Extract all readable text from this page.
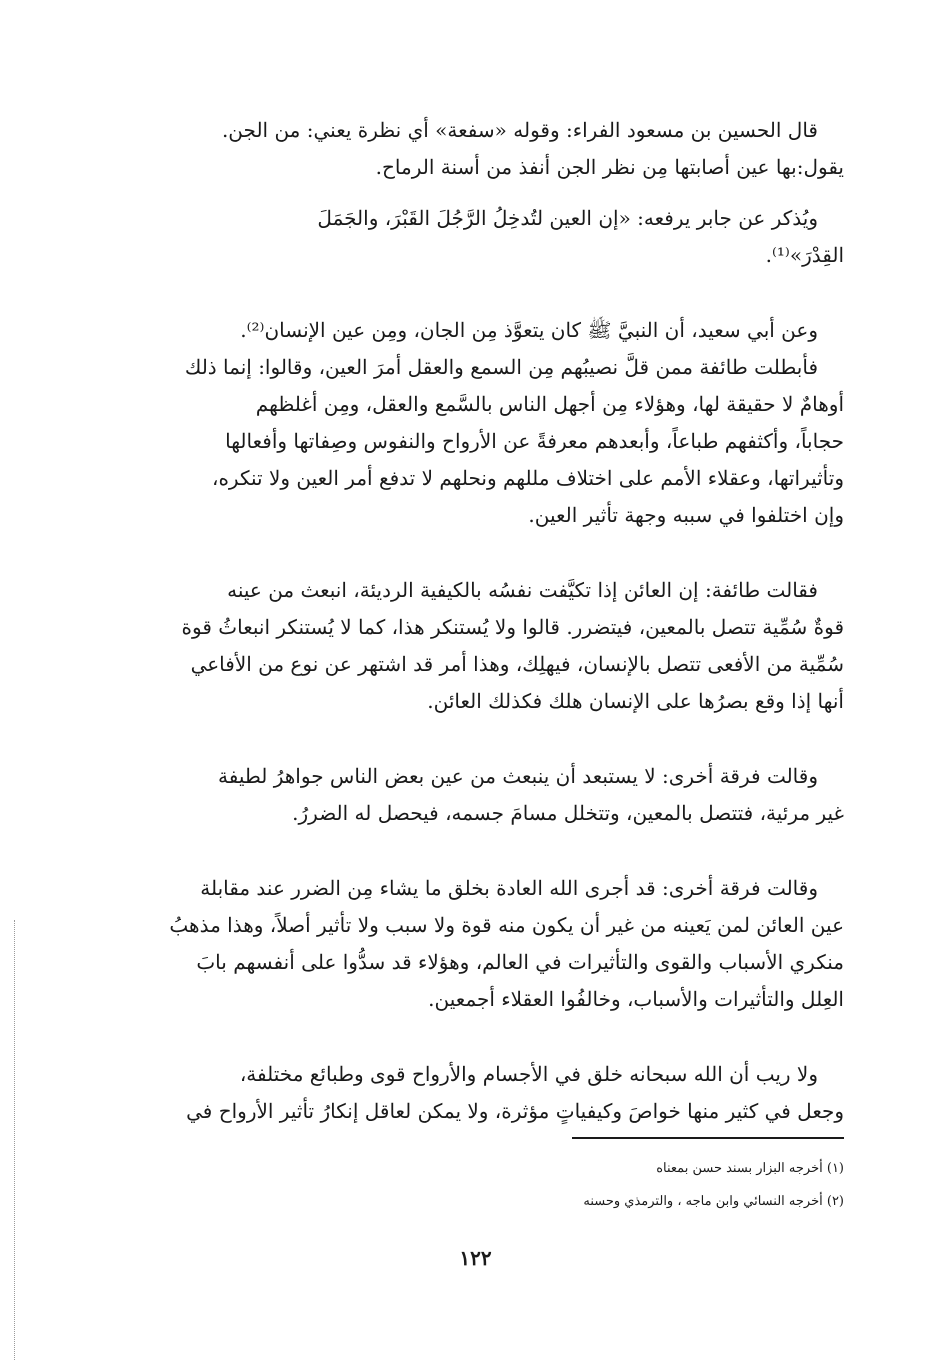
قال الحسين بن مسعود الفراء: وقوله «سفعة» أي نظرة يعني: من الجن.
يقول:بها عين أصابتها مِن نظر الجن أنفذ من أسنة الرماح.

ويُذكر عن جابر يرفعه: «إن العين لتُدخِلُ الرَّجُلَ القَبْرَ، والجَمَلَ
القِدْرَ»⁽¹⁾.

وعن أبي سعيد، أن النبيَّ ﷺ كان يتعوَّذ مِن الجان، ومِن عين الإنسان⁽²⁾.
فأبطلت طائفة ممن قلَّ نصيبُهم مِن السمع والعقل أمرَ العين، وقالوا: إنما ذلك
أوهامٌ لا حقيقة لها، وهؤلاء مِن أجهل الناس بالسَّمع والعقل، ومِن أغلظهم
حجاباً، وأكثفهم طباعاً، وأبعدهم معرفةً عن الأرواح والنفوس وصِفاتها وأفعالها
وتأثيراتها، وعقلاء الأمم على اختلاف مللهم ونحلهم لا تدفع أمر العين ولا تنكره،
وإن اختلفوا في سببه وجهة تأثير العين.

فقالت طائفة: إن العائن إذا تكيَّفت نفسُه بالكيفية الرديئة، انبعث من عينه
قوةٌ سُمِّية تتصل بالمعين، فيتضرر. قالوا ولا يُستنكر هذا، كما لا يُستنكر انبعاثُ قوة
سُمِّية من الأفعى تتصل بالإنسان، فيهلِك، وهذا أمر قد اشتهر عن نوع من الأفاعي
أنها إذا وقع بصرُها على الإنسان هلك فكذلك العائن.

وقالت فرقة أخرى: لا يستبعد أن ينبعث من عين بعض الناس جواهرُ لطيفة
غير مرئية، فتتصل بالمعين، وتتخلل مسامَ جسمه، فيحصل له الضررُ.

وقالت فرقة أخرى: قد أجرى الله العادة بخلق ما يشاء مِن الضرر عند مقابلة
عين العائن لمن يَعينه من غير أن يكون منه قوة ولا سبب ولا تأثير أصلاً، وهذا مذهبُ
منكري الأسباب والقوى والتأثيرات في العالم، وهؤلاء قد سدُّوا على أنفسهم بابَ
العِلل والتأثيرات والأسباب، وخالفُوا العقلاء أجمعين.

ولا ريب أن الله سبحانه خلق في الأجسام والأرواح قوى وطبائع مختلفة،
وجعل في كثير منها خواصَ وكيفياتٍ مؤثرة، ولا يمكن لعاقل إنكارُ تأثير الأرواح في

(١) أخرجه البزار بسند حسن بمعناه
(٢) أخرجه النسائي وابن ماجه ، والترمذي وحسنه
١٢٢
